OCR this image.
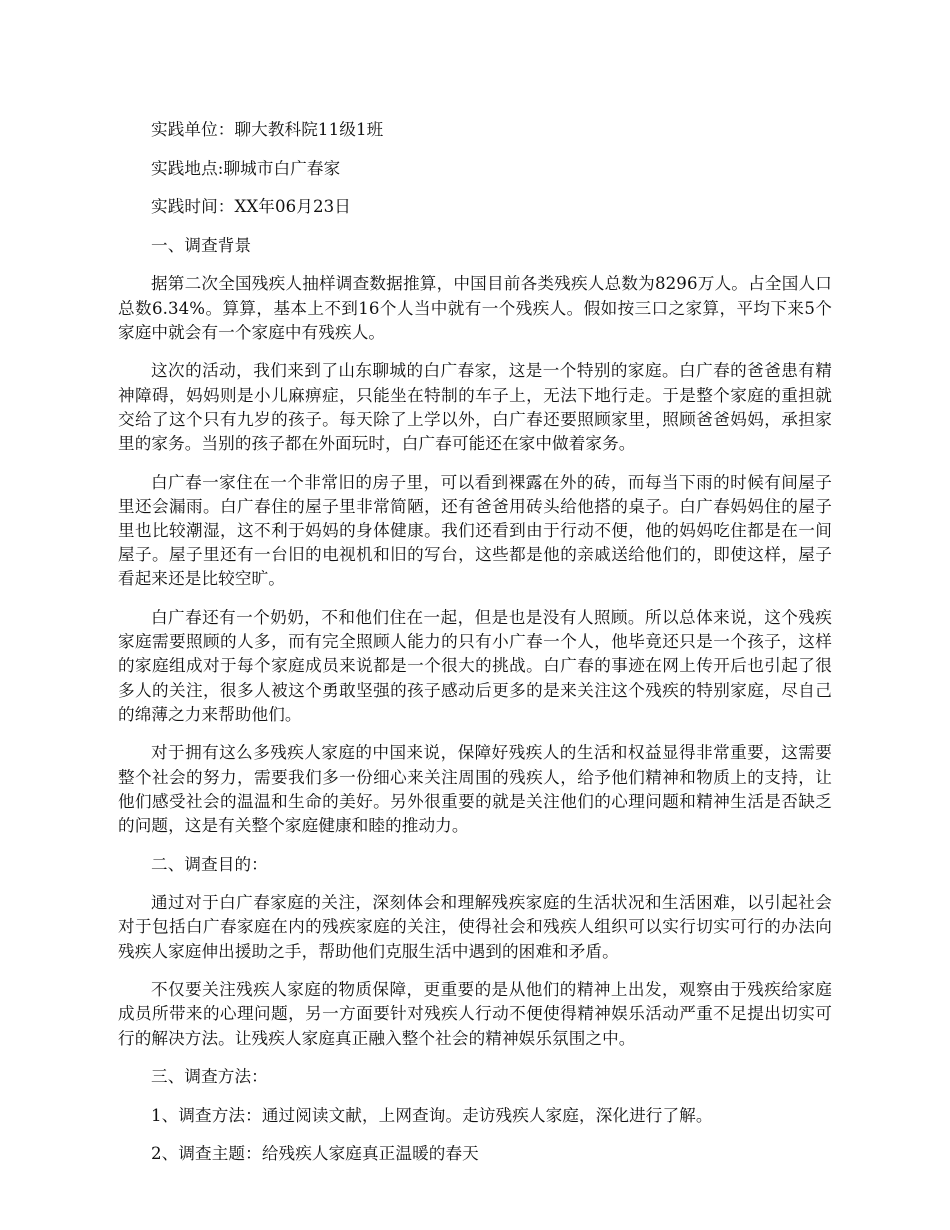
实践单位：聊大教科院11级1班

实践地点:聊城市白广春家

实践时间：XX年06月23日

一、调查背景

据第二次全国残疾人抽样调查数据推算，中国目前各类残疾人总数为8296万人。占全国人口总数6.34%。算算，基本上不到16个人当中就有一个残疾人。假如按三口之家算，平均下来5个家庭中就会有一个家庭中有残疾人。

这次的活动，我们来到了山东聊城的白广春家，这是一个特别的家庭。白广春的爸爸患有精神障碍，妈妈则是小儿麻痹症，只能坐在特制的车子上，无法下地行走。于是整个家庭的重担就交给了这个只有九岁的孩子。每天除了上学以外，白广春还要照顾家里，照顾爸爸妈妈，承担家里的家务。当别的孩子都在外面玩时，白广春可能还在家中做着家务。

白广春一家住在一个非常旧的房子里，可以看到裸露在外的砖，而每当下雨的时候有间屋子里还会漏雨。白广春住的屋子里非常简陋，还有爸爸用砖头给他搭的桌子。白广春妈妈住的屋子里也比较潮湿，这不利于妈妈的身体健康。我们还看到由于行动不便，他的妈妈吃住都是在一间屋子。屋子里还有一台旧的电视机和旧的写台，这些都是他的亲戚送给他们的，即使这样，屋子看起来还是比较空旷。

白广春还有一个奶奶，不和他们住在一起，但是也是没有人照顾。所以总体来说，这个残疾家庭需要照顾的人多，而有完全照顾人能力的只有小广春一个人，他毕竟还只是一个孩子，这样的家庭组成对于每个家庭成员来说都是一个很大的挑战。白广春的事迹在网上传开后也引起了很多人的关注，很多人被这个勇敢坚强的孩子感动后更多的是来关注这个残疾的特别家庭，尽自己的绵薄之力来帮助他们。

对于拥有这么多残疾人家庭的中国来说，保障好残疾人的生活和权益显得非常重要，这需要整个社会的努力，需要我们多一份细心来关注周围的残疾人，给予他们精神和物质上的支持，让他们感受社会的温温和生命的美好。另外很重要的就是关注他们的心理问题和精神生活是否缺乏的问题，这是有关整个家庭健康和睦的推动力。

二、调查目的：

通过对于白广春家庭的关注，深刻体会和理解残疾家庭的生活状况和生活困难，以引起社会对于包括白广春家庭在内的残疾家庭的关注，使得社会和残疾人组织可以实行切实可行的办法向残疾人家庭伸出援助之手，帮助他们克服生活中遇到的困难和矛盾。

不仅要关注残疾人家庭的物质保障，更重要的是从他们的精神上出发，观察由于残疾给家庭成员所带来的心理问题，另一方面要针对残疾人行动不便使得精神娱乐活动严重不足提出切实可行的解决方法。让残疾人家庭真正融入整个社会的精神娱乐氛围之中。

三、调查方法：

1、调查方法：通过阅读文献，上网查询。走访残疾人家庭，深化进行了解。

2、调查主题：给残疾人家庭真正温暖的春天
